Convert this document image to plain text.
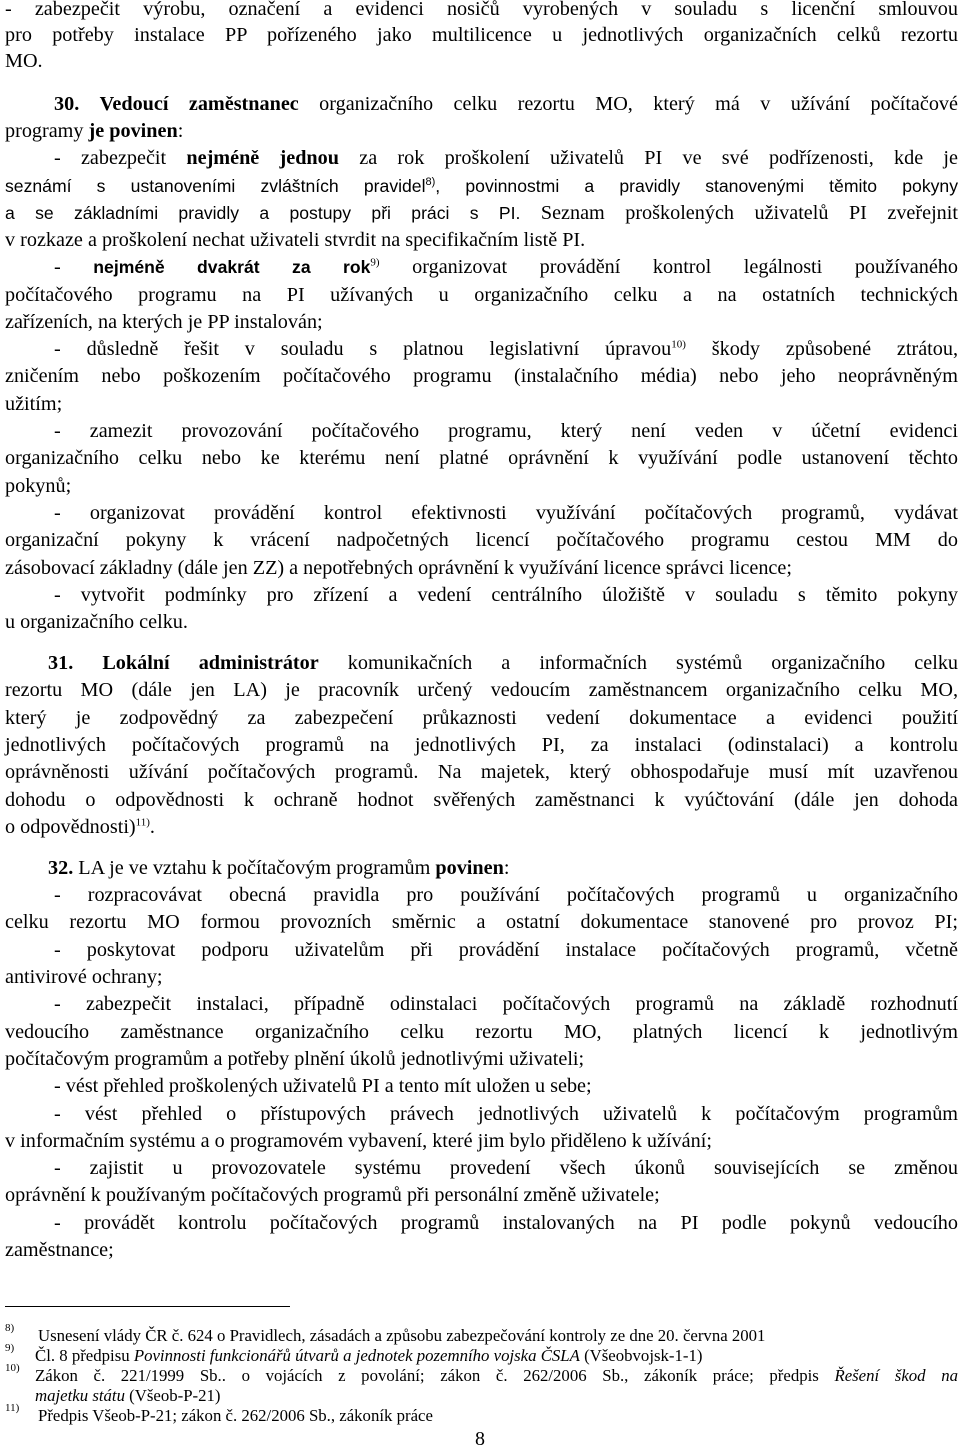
- zabezpečit výrobu, označení a evidenci nosičů vyrobených v souladu s licenční smlouvou
pro potřeby instalace PP pořízeného jako multilicence u jednotlivých organizačních celků rezortu
MO.
30. Vedoucí zaměstnanec organizačního celku rezortu MO, který má v užívání počítačové
programy je povinen:
- zabezpečit nejméně jednou za rok proškolení uživatelů PI ve své podřízenosti, kde je
seznámí s ustanoveními zvláštních pravidel$^{8)}$, povinnostmi a pravidly stanovenými těmito pokyny
a se základními pravidly a postupy při práci s PI. Seznam proškolených uživatelů PI zveřejnit
v rozkaze a proškolení nechat uživateli stvrdit na specifikačním listě PI.
- nejméně dvakrát za rok$^{9)}$ organizovat provádění kontrol legálnosti používaného
počítačového programu na PI užívaných u organizačního celku a na ostatních technických
zařízeních, na kterých je PP instalován;
- důsledně řešit v souladu s platnou legislativní úpravou$^{10)}$ škody způsobené ztrátou,
zničením nebo poškozením počítačového programu (instalačního média) nebo jeho neoprávněným
užitím;
- zamezit provozování počítačového programu, který není veden v účetní evidenci
organizačního celku nebo ke kterému není platné oprávnění k využívání podle ustanovení těchto
pokynů;
- organizovat provádění kontrol efektivnosti využívání počítačových programů, vydávat
organizační pokyny k vrácení nadpočetných licencí počítačového programu cestou MM do
zásobovací základny (dále jen ZZ) a nepotřebných oprávnění k využívání licence správci licence;
- vytvořit podmínky pro zřízení a vedení centrálního úložiště v souladu s těmito pokyny
u organizačního celku.
31. Lokální administrátor komunikačních a informačních systémů organizačního celku
rezortu MO (dále jen LA) je pracovník určený vedoucím zaměstnancem organizačního celku MO,
který je zodpovědný za zabezpečení průkaznosti vedení dokumentace a evidenci použití
jednotlivých počítačových programů na jednotlivých PI, za instalaci (odinstalaci) a kontrolu
oprávněnosti užívání počítačových programů. Na majetek, který obhospodařuje musí mít uzavřenou
dohodu o odpovědnosti k ochraně hodnot svěřených zaměstnanci k vyúčtování (dále jen dohoda
o odpovědnosti)$^{11)}$.
32. LA je ve vztahu k počítačovým programům povinen:
- rozpracovávat obecná pravidla pro používání počítačových programů u organizačního
celku rezortu MO formou provozních směrnic a ostatní dokumentace stanovené pro provoz PI;
- poskytovat podporu uživatelům při provádění instalace počítačových programů, včetně
antivirové ochrany;
- zabezpečit instalaci, případně odinstalaci počítačových programů na základě rozhodnutí
vedoucího zaměstnance organizačního celku rezortu MO, platných licencí k jednotlivým
počítačovým programům a potřeby plnění úkolů jednotlivými uživateli;
- vést přehled proškolených uživatelů PI a tento mít uložen u sebe;
- vést přehled o přístupových právech jednotlivých uživatelů k počítačovým programům
v informačním systému a o programovém vybavení, které jim bylo přiděleno k užívání;
- zajistit u provozovatele systému provedení všech úkonů souvisejících se změnou
oprávnění k používaným počítačových programů při personální změně uživatele;
- provádět kontrolu počítačových programů instalovaných na PI podle pokynů vedoucího
zaměstnance;
8) Usnesení vlády ČR č. 624 o Pravidlech, zásadách a způsobu zabezpečování kontroly ze dne 20. června 2001
9) Čl. 8 předpisu Povinnosti funkcionářů útvarů a jednotek pozemního vojska ČSLA (Všeobvojsk-1-1)
10) Zákon č. 221/1999 Sb.. o vojácích z povolání; zákon č. 262/2006 Sb., zákoník práce; předpis Řešení škod na
majetku státu (Všeob-P-21)
11) Předpis Všeob-P-21; zákon č. 262/2006 Sb., zákoník práce
8
